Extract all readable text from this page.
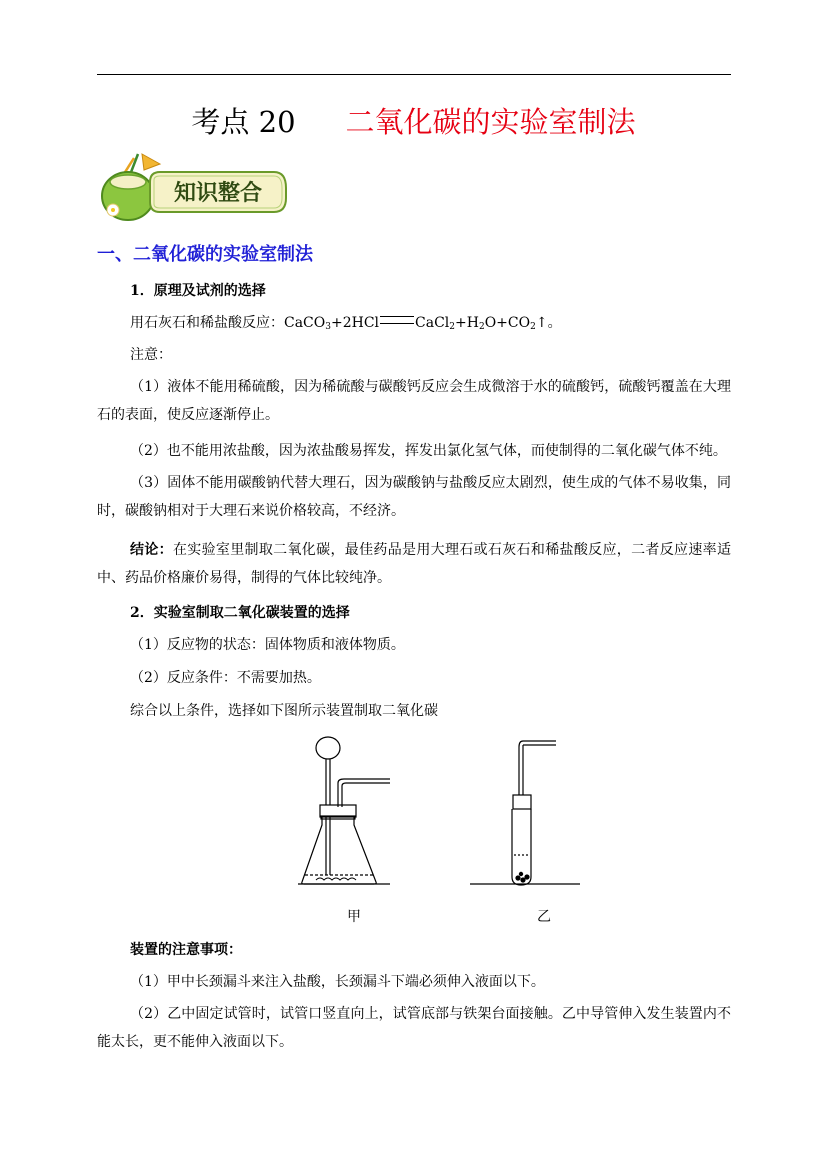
考点 20 二氧化碳的实验室制法
知识整合
一、二氧化碳的实验室制法
1．原理及试剂的选择
用石灰石和稀盐酸反应：CaCO$_3$+2HCl	$CaCl_2+H_2O+CO_2↑$。
注意：
（1）液体不能用稀硫酸，因为稀硫酸与碳酸钙反应会生成微溶于水的硫酸钙，硫酸钙覆盖在大理石的表面，使反应逐渐停止。
（2）也不能用浓盐酸，因为浓盐酸易挥发，挥发出氯化氢气体，而使制得的二氧化碳气体不纯。
（3）固体不能用碳酸钠代替大理石，因为碳酸钠与盐酸反应太剧烈，使生成的气体不易收集，同时，碳酸钠相对于大理石来说价格较高，不经济。
结论：在实验室里制取二氧化碳，最佳药品是用大理石或石灰石和稀盐酸反应，二者反应速率适中、药品价格廉价易得，制得的气体比较纯净。
2．实验室制取二氧化碳装置的选择
（1）反应物的状态：固体物质和液体物质。
（2）反应条件：不需要加热。
综合以上条件，选择如下图所示装置制取二氧化碳
甲	乙
装置的注意事项：
（1）甲中长颈漏斗来注入盐酸，长颈漏斗下端必须伸入液面以下。
（2）乙中固定试管时，试管口竖直向上，试管底部与铁架台面接触。乙中导管伸入发生装置内不能太长，更不能伸入液面以下。
